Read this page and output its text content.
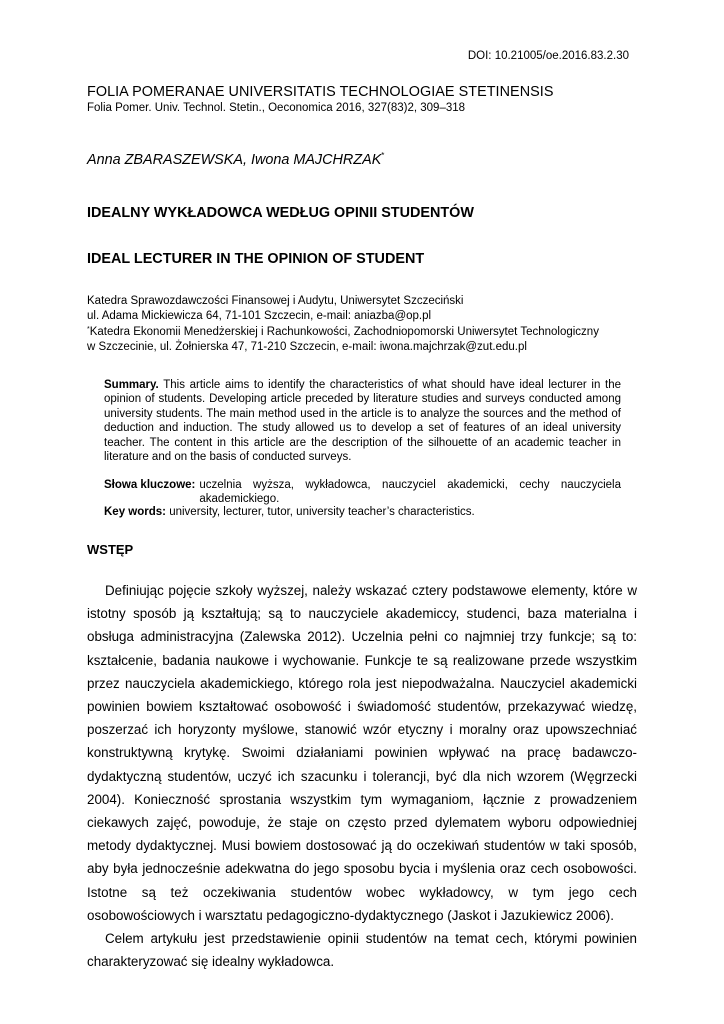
DOI: 10.21005/oe.2016.83.2.30
FOLIA POMERANAE UNIVERSITATIS TECHNOLOGIAE STETINENSIS
Folia Pomer. Univ. Technol. Stetin., Oeconomica 2016, 327(83)2, 309–318
Anna ZBARASZEWSKA, Iwona MAJCHRZAK*
IDEALNY WYKŁADOWCA WEDŁUG OPINII STUDENTÓW
IDEAL LECTURER IN THE OPINION OF STUDENT
Katedra Sprawozdawczości Finansowej i Audytu, Uniwersytet Szczeciński
ul. Adama Mickiewicza 64, 71-101 Szczecin, e-mail: aniazba@op.pl
*Katedra Ekonomii Menedżerskiej i Rachunkowości, Zachodniopomorski Uniwersytet Technologiczny
w Szczecinie, ul. Żołnierska 47, 71-210 Szczecin, e-mail: iwona.majchrzak@zut.edu.pl
Summary. This article aims to identify the characteristics of what should have ideal lecturer in the opinion of students. Developing article preceded by literature studies and surveys conducted among university students. The main method used in the article is to analyze the sources and the method of deduction and induction. The study allowed us to develop a set of features of an ideal university teacher. The content in this article are the description of the silhouette of an academic teacher in literature and on the basis of conducted surveys.
Słowa kluczowe: uczelnia wyższa, wykładowca, nauczyciel akademicki, cechy nauczyciela akademickiego.
Key words: university, lecturer, tutor, university teacher’s characteristics.
WSTĘP

Definiując pojęcie szkoły wyższej, należy wskazać cztery podstawowe elementy, które w istotny sposób ją kształtują; są to nauczyciele akademiccy, studenci, baza materialna i obsługa administracyjna (Zalewska 2012). Uczelnia pełni co najmniej trzy funkcje; są to: kształcenie, badania naukowe i wychowanie. Funkcje te są realizowane przede wszystkim przez nauczyciela akademickiego, którego rola jest niepodważalna. Nauczyciel akademicki powinien bowiem kształtować osobowość i świadomość studentów, przekazywać wiedzę, poszerzać ich horyzonty myślowe, stanowić wzór etyczny i moralny oraz upowszechniać konstruktywną krytykę. Swoimi działaniami powinien wpływać na pracę badawczo-dydaktyczną studentów, uczyć ich szacunku i tolerancji, być dla nich wzorem (Węgrzecki 2004). Konieczność sprostania wszystkim tym wymaganiom, łącznie z prowadzeniem ciekawych zajęć, powoduje, że staje on często przed dylematem wyboru odpowiedniej metody dydaktycznej. Musi bowiem dostosować ją do oczekiwań studentów w taki sposób, aby była jednocześnie adekwatna do jego sposobu bycia i myślenia oraz cech osobowości. Istotne są też oczekiwania studentów wobec wykładowcy, w tym jego cech osobowościowych i warsztatu pedagogiczno-dydaktycznego (Jaskot i Jazukiewicz 2006).

Celem artykułu jest przedstawienie opinii studentów na temat cech, którymi powinien charakteryzować się idealny wykładowca.
